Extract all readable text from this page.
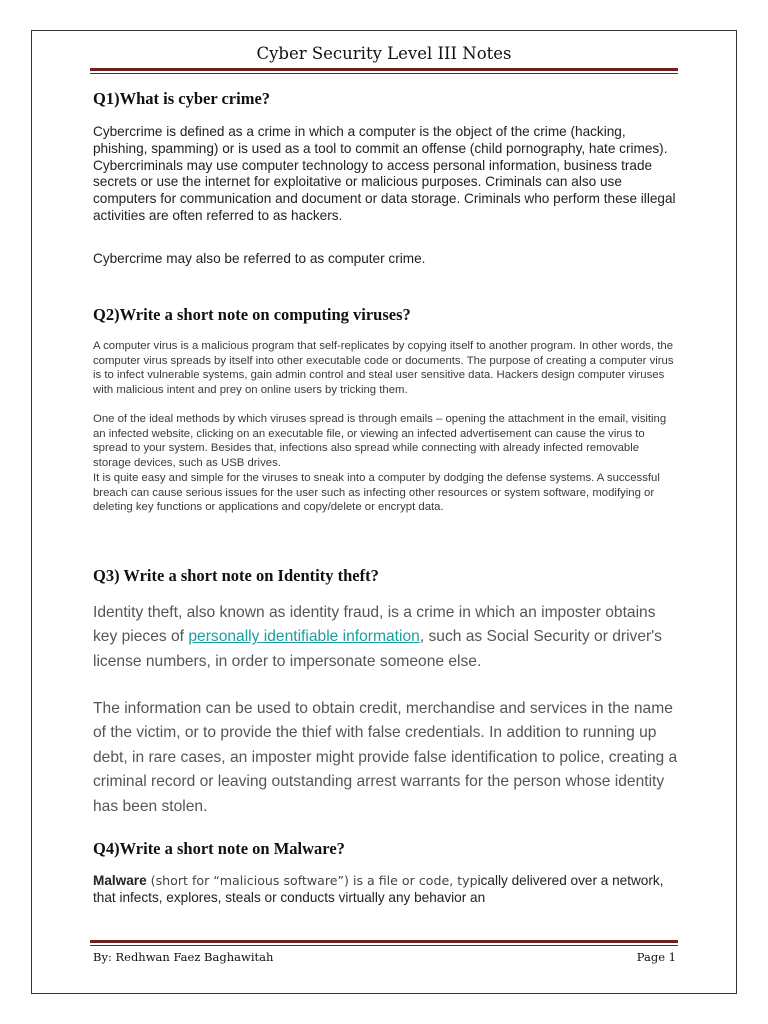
Cyber Security Level III Notes
Q1)What is cyber crime?

Cybercrime is defined as a crime in which a computer is the object of the crime (hacking, phishing, spamming) or is used as a tool to commit an offense (child pornography, hate crimes). Cybercriminals may use computer technology to access personal information, business trade secrets or use the internet for exploitative or malicious purposes. Criminals can also use computers for communication and document or data storage. Criminals who perform these illegal activities are often referred to as hackers.

Cybercrime may also be referred to as computer crime.

Q2)Write a short note on computing viruses?

A computer virus is a malicious program that self-replicates by copying itself to another program. In other words, the computer virus spreads by itself into other executable code or documents. The purpose of creating a computer virus is to infect vulnerable systems, gain admin control and steal user sensitive data. Hackers design computer viruses with malicious intent and prey on online users by tricking them.

One of the ideal methods by which viruses spread is through emails – opening the attachment in the email, visiting an infected website, clicking on an executable file, or viewing an infected advertisement can cause the virus to spread to your system. Besides that, infections also spread while connecting with already infected removable storage devices, such as USB drives.

It is quite easy and simple for the viruses to sneak into a computer by dodging the defense systems. A successful breach can cause serious issues for the user such as infecting other resources or system software, modifying or deleting key functions or applications and copy/delete or encrypt data.

Q3) Write a short note on Identity theft?

Identity theft, also known as identity fraud, is a crime in which an imposter obtains key pieces of personally identifiable information, such as Social Security or driver's license numbers, in order to impersonate someone else.

The information can be used to obtain credit, merchandise and services in the name of the victim, or to provide the thief with false credentials. In addition to running up debt, in rare cases, an imposter might provide false identification to police, creating a criminal record or leaving outstanding arrest warrants for the person whose identity has been stolen.

Q4)Write a short note on Malware?

Malware (short for “malicious software”) is a file or code, typically delivered over a network, that infects, explores, steals or conducts virtually any behavior an

By: Redhwan Faez Baghawitah	Page 1
